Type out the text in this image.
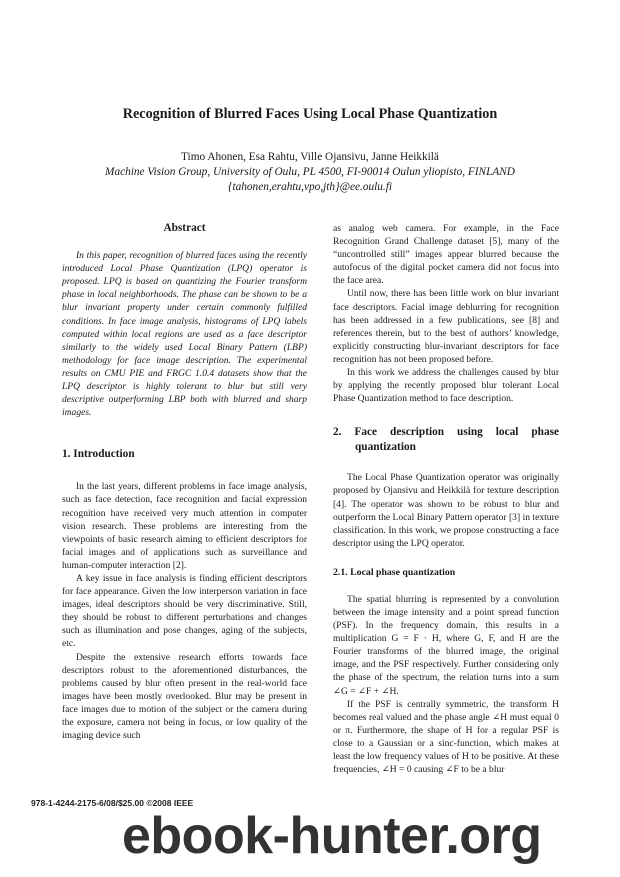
Recognition of Blurred Faces Using Local Phase Quantization
Timo Ahonen, Esa Rahtu, Ville Ojansivu, Janne Heikkilä
Machine Vision Group, University of Oulu, PL 4500, FI-90014 Oulun yliopisto, FINLAND
{tahonen,erahtu,vpo,jth}@ee.oulu.fi
Abstract

In this paper, recognition of blurred faces using the recently introduced Local Phase Quantization (LPQ) operator is proposed. LPQ is based on quantizing the Fourier transform phase in local neighborhoods. The phase can be shown to be a blur invariant property under certain commonly fulfilled conditions. In face image analysis, histograms of LPQ labels computed within local regions are used as a face descriptor similarly to the widely used Local Binary Pattern (LBP) methodology for face image description. The experimental results on CMU PIE and FRGC 1.0.4 datasets show that the LPQ descriptor is highly tolerant to blur but still very descriptive outperforming LBP both with blurred and sharp images.

1. Introduction

In the last years, different problems in face image analysis, such as face detection, face recognition and facial expression recognition have received very much attention in computer vision research. These problems are interesting from the viewpoints of basic research aiming to efficient descriptors for facial images and of applications such as surveillance and human-computer interaction [2].

A key issue in face analysis is finding efficient descriptors for face appearance. Given the low interperson variation in face images, ideal descriptors should be very discriminative. Still, they should be robust to different perturbations and changes such as illumination and pose changes, aging of the subjects, etc.

Despite the extensive research efforts towards face descriptors robust to the aforementioned disturbances, the problems caused by blur often present in the real-world face images have been mostly overlooked. Blur may be present in face images due to motion of the subject or the camera during the exposure, camera not being in focus, or low quality of the imaging device such

as analog web camera. For example, in the Face Recognition Grand Challenge dataset [5], many of the “uncontrolled still” images appear blurred because the autofocus of the digital pocket camera did not focus into the face area.

Until now, there has been little work on blur invariant face descriptors. Facial image deblurring for recognition has been addressed in a few publications, see [8] and references therein, but to the best of authors’ knowledge, explicitly constructing blur-invariant descriptors for face recognition has not been proposed before.

In this work we address the challenges caused by blur by applying the recently proposed blur tolerant Local Phase Quantization method to face description.

2. Face description using local phase quantization

The Local Phase Quantization operator was originally proposed by Ojansivu and Heikkilä for texture description [4]. The operator was shown to be robust to blur and outperform the Local Binary Pattern operator [3] in texture classification. In this work, we propose constructing a face descriptor using the LPQ operator.

2.1. Local phase quantization

The spatial blurring is represented by a convolution between the image intensity and a point spread function (PSF). In the frequency domain, this results in a multiplication G = F · H, where G, F, and H are the Fourier transforms of the blurred image, the original image, and the PSF respectively. Further considering only the phase of the spectrum, the relation turns into a sum ∠G = ∠F + ∠H.

If the PSF is centrally symmetric, the transform H becomes real valued and the phase angle ∠H must equal 0 or π. Furthermore, the shape of H for a regular PSF is close to a Gaussian or a sinc-function, which makes at least the low frequency values of H to be positive. At these frequencies, ∠H = 0 causing ∠F to be a blur

978-1-4244-2175-6/08/$25.00 ©2008 IEEE
ebook-hunter.org
